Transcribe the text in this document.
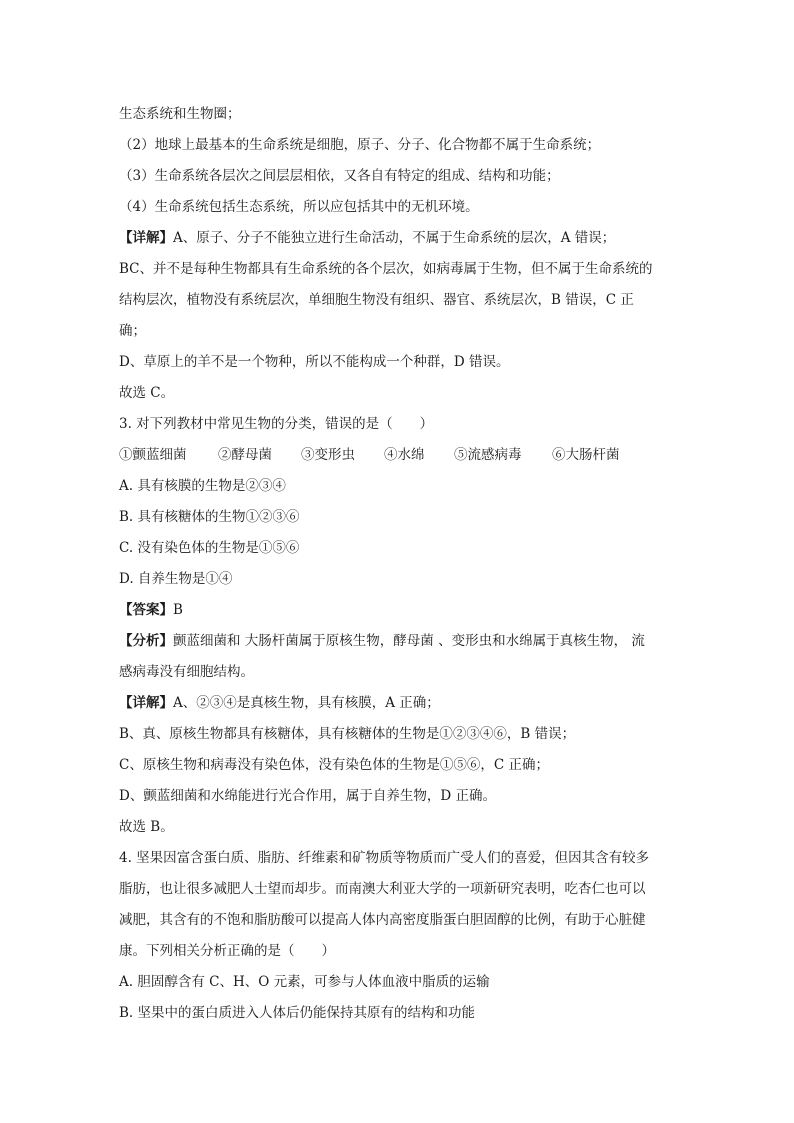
生态系统和生物圈；
（2）地球上最基本的生命系统是细胞，原子、分子、化合物都不属于生命系统；
（3）生命系统各层次之间层层相依，又各自有特定的组成、结构和功能；
（4）生命系统包括生态系统，所以应包括其中的无机环境。
【详解】A、原子、分子不能独立进行生命活动，不属于生命系统的层次，A 错误；
BC、并不是每种生物都具有生命系统的各个层次，如病毒属于生物，但不属于生命系统的
结构层次，植物没有系统层次，单细胞生物没有组织、器官、系统层次，B 错误，C 正
确；
D、草原上的羊不是一个物种，所以不能构成一个种群，D 错误。
故选 C。
3. 对下列教材中常见生物的分类，错误的是（　　）
①颤蓝细菌	②酵母菌	③变形虫	④水绵	⑤流感病毒	⑥大肠杆菌
A. 具有核膜的生物是②③④
B. 具有核糖体的生物①②③⑥
C. 没有染色体的生物是①⑤⑥
D. 自养生物是①④
【答案】B
【分析】颤蓝细菌和 大肠杆菌属于原核生物，酵母菌 、变形虫和水绵属于真核生物， 流
感病毒没有细胞结构。
【详解】A、②③④是真核生物，具有核膜，A 正确；
B、真、原核生物都具有核糖体，具有核糖体的生物是①②③④⑥，B 错误；
C、原核生物和病毒没有染色体，没有染色体的生物是①⑤⑥，C 正确；
D、颤蓝细菌和水绵能进行光合作用，属于自养生物，D 正确。
故选 B。
4. 坚果因富含蛋白质、脂肪、纤维素和矿物质等物质而广受人们的喜爱，但因其含有较多
脂肪，也让很多减肥人士望而却步。而南澳大利亚大学的一项新研究表明，吃杏仁也可以
减肥，其含有的不饱和脂肪酸可以提高人体内高密度脂蛋白胆固醇的比例，有助于心脏健
康。下列相关分析正确的是（　　）
A. 胆固醇含有 C、H、O 元素，可参与人体血液中脂质的运输
B. 坚果中的蛋白质进入人体后仍能保持其原有的结构和功能
